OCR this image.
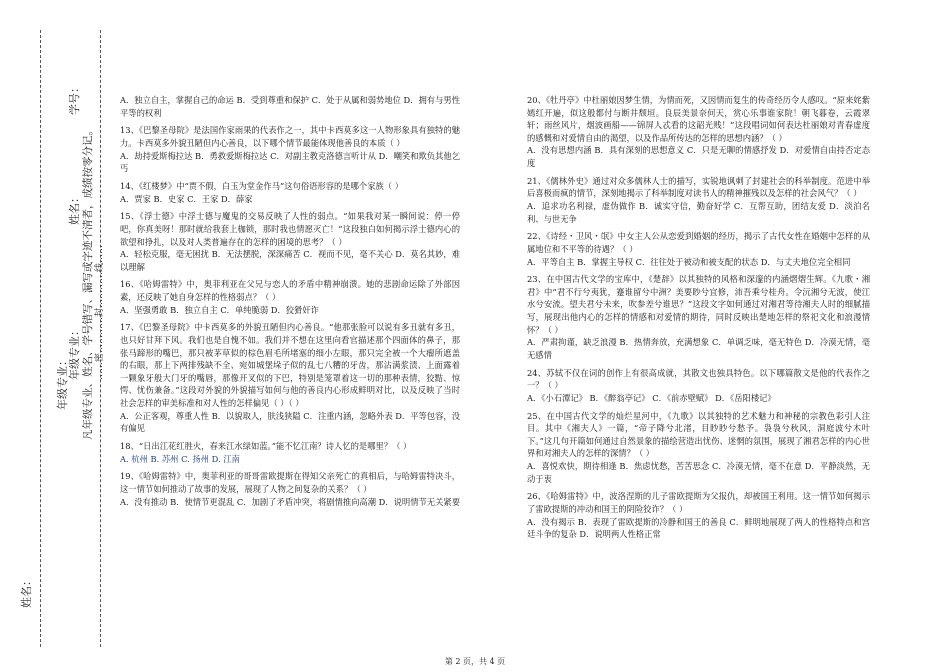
学号：
姓名：
年级专业：	……密…………封…………线……
凡年级专业、姓名、学号错写、漏写或字迹不清者，成绩按零分记。
年级专业：
姓名：

A．独立自主，掌握自己的命运 B．受到尊重和保护 C．处于从属和弱势地位 D．拥有与男性平等的权利

13、《巴黎圣母院》是法国作家雨果的代表作之一，其中卡西莫多这一人物形象具有独特的魅力。卡西莫多外貌丑陋但内心善良，以下哪个情节最能体现他善良的本质（ ）

A．劫持爱斯梅拉达 B．勇救爱斯梅拉达 C．对副主教克洛德言听计从 D．嘲笑和欺负其他乞丐

14、《红楼梦》中“贾不假，白玉为堂金作马”这句俗语形容的是哪个家族（ ）

A．贾家 B．史家 C．王家 D．薛家

15、《浮士德》中浮士德与魔鬼的交易反映了人性的弱点。“如果我对某一瞬间说：停一停吧，你真美呀！那时就给我套上枷锁，那时我也情愿灭亡！”这段独白如何揭示浮士德内心的欲望和挣扎，以及对人类普遍存在的怎样的困境的思考？（ ）

A．轻松克服，毫无困扰 B．无法摆脱，深深痛苦 C．视而不见，毫不关心 D．莫名其妙，难以理解

16、《哈姆雷特》中，奥菲利亚在父兄与恋人的矛盾中精神崩溃。她的悲剧命运除了外部因素，还反映了她自身怎样的性格弱点？（ ）

A．坚强勇敢 B．独立自主 C．单纯脆弱 D．狡猾奸诈

17、《巴黎圣母院》中卡西莫多的外貌丑陋但内心善良。“他那张脸可以说有多丑就有多丑，也只好甘拜下风。我们也是自愧不如。我们并不想在这里向看官描述那个四面体的鼻子，那张马蹄形的嘴巴，那只被茅草似的棕色眉毛所堵塞的细小左眼，那只完全被一个大瘤所遮盖的右眼，那上下两排残缺不全、宛如城堡垛子似的乱七八糟的牙齿，那沾满浆渍、上面露着一颗象牙般大门牙的嘴唇，那像开叉似的下巴，特别是笼罩着这一切的那种表情，狡黠、惊愕、忧伤兼备。”这段对外貌的外貌描写如何与他的善良内心形成鲜明对比，以及反映了当时社会怎样的审美标准和对人性的怎样偏见（ ）（ ）

A．公正客观，尊重人性 B．以貌取人，肤浅狭隘 C．注重内涵，忽略外表 D．平等包容，没有偏见

18、“日出江花红胜火，春来江水绿如蓝。”能不忆江南？诗人忆的是哪里？（ ）

A. 杭州 B. 苏州 C. 扬州 D. 江南

19、《哈姆雷特》中，奥菲利亚的哥哥雷欧提斯在得知父亲死亡的真相后，与哈姆雷特决斗，这一情节如何推动了故事的发展，展现了人物之间复杂的关系？（ ）

A．没有推动 B．使情节更混乱 C．加剧了矛盾冲突，将剧情推向高潮 D．说明情节无关紧要

20、《牡丹亭》中杜丽娘因梦生情，为情而死，又因情而复生的传奇经历令人感叹。“原来姹紫嫣红开遍，似这般都付与断井颓垣。良辰美景奈何天，赏心乐事谁家院！朝飞暮卷，云霞翠轩；雨丝风片，烟波画船——锦屏人忒看的这韶光贱！”这段唱词如何表达杜丽娘对青春虚度的感慨和对爱情自由的渴望，以及作品所传达的怎样的思想内涵？（ ）

A．没有思想内涵 B．具有深刻的思想意义 C．只是无聊的情感抒发 D．对爱情自由持否定态度

21、《儒林外史》通过对众多儒林人士的描写，实锐地讽刺了封建社会的科举制度。范进中举后喜极而疯的情节，深刻地揭示了科举制度对读书人的精神摧残以及怎样的社会风气？（ ）

A．追求功名利禄，虚伪做作 B．诚实守信，勤奋好学 C．互帮互助，团结友爱 D．淡泊名利、与世无争

22、《诗经・卫风・氓》中女主人公从恋爱到婚姻的经历，揭示了古代女性在婚姻中怎样的从属地位和不平等的待遇？（ ）

A．平等自主 B．掌握主导权 C．往往处于被动和被支配的状态 D．与丈夫地位完全相同

23、在中国古代文学的宝库中，《楚辞》以其独特的风格和深邃的内涵熠熠生辉。《九歌・湘君》中“君不行兮夷犹，蹇谁留兮中洲？美要眇兮宜修，沛吾乘兮桂舟。令沅湘兮无波，使江水兮安流。望夫君兮未来，吹参差兮谁思？”这段文字如何通过对湘君等待湘夫人时的细腻描写，展现出他内心的怎样的情感和对爱情的期待，同时反映出楚地怎样的祭祀文化和浪漫情怀？（ ）

A．严肃拘谨，缺乏浪漫 B．热情奔放，充满想象 C．单调乏味，毫无特色 D．冷漠无情，毫无感情

24、苏轼不仅在词的创作上有很高成就，其散文也独具特色。以下哪篇散文是他的代表作之一？（ ）

A．《小石潭记》 B．《醉翁亭记》 C．《前赤壁赋》 D．《岳阳楼记》

25、在中国古代文学的灿烂星河中，《九歌》以其独特的艺术魅力和神秘的宗教色彩引人注目。其中《湘夫人》一篇，“帝子降兮北渚，目眇眇兮愁予。袅袅兮秋风，洞庭波兮木叶下。”这几句开篇如何通过自然景象的描绘营造出忧伤、迷惘的氛围，展现了湘君怎样的内心世界和对湘夫人的怎样的深情？（ ）

A．喜悦欢快，期待相逢 B．焦虑忧愁，苦苦思念 C．冷漠无情，毫不在意 D．平静淡然，无动于衷

26、《哈姆雷特》中，波洛涅斯的儿子雷欧提斯为父报仇，却被国王利用。这一情节如何揭示了雷欧提斯的冲动和国王的阴险狡诈？（ ）

A．没有揭示 B．表现了雷欧提斯的冷静和国王的善良 C．鲜明地展现了两人的性格特点和宫廷斗争的复杂 D．说明两人性格正常

第 2 页，共 4 页
